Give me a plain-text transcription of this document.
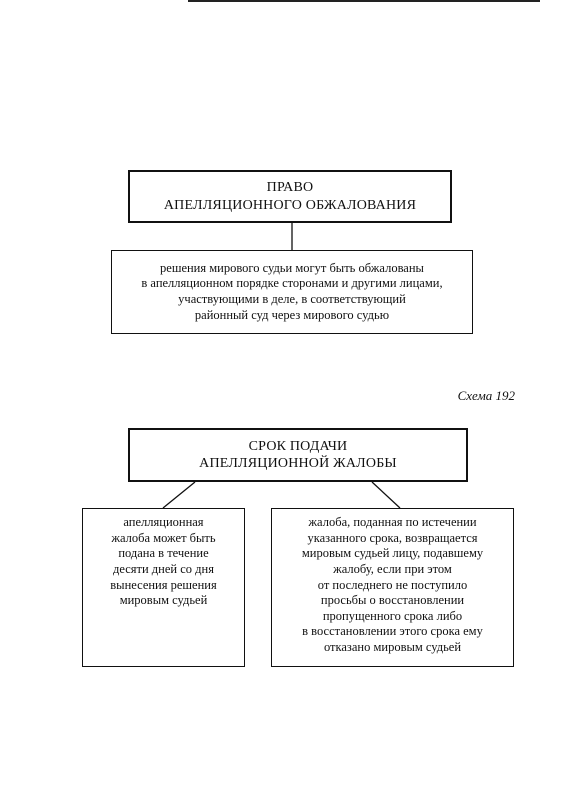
ПРАВО
АПЕЛЛЯЦИОННОГО ОБЖАЛОВАНИЯ
решения мирового судьи могут быть обжалованы
в апелляционном порядке сторонами и другими лицами,
участвующими в деле, в соответствующий
районный суд через мирового судью
Схема 192
СРОК ПОДАЧИ
АПЕЛЛЯЦИОННОЙ ЖАЛОБЫ
апелляционная
жалоба может быть
подана в течение
десяти дней со дня
вынесения решения
мировым судьей
жалоба, поданная по истечении
указанного срока, возвращается
мировым судьей лицу, подавшему
жалобу, если при этом
от последнего не поступило
просьбы о восстановлении
пропущенного срока либо
в восстановлении этого срока ему
отказано мировым судьей
